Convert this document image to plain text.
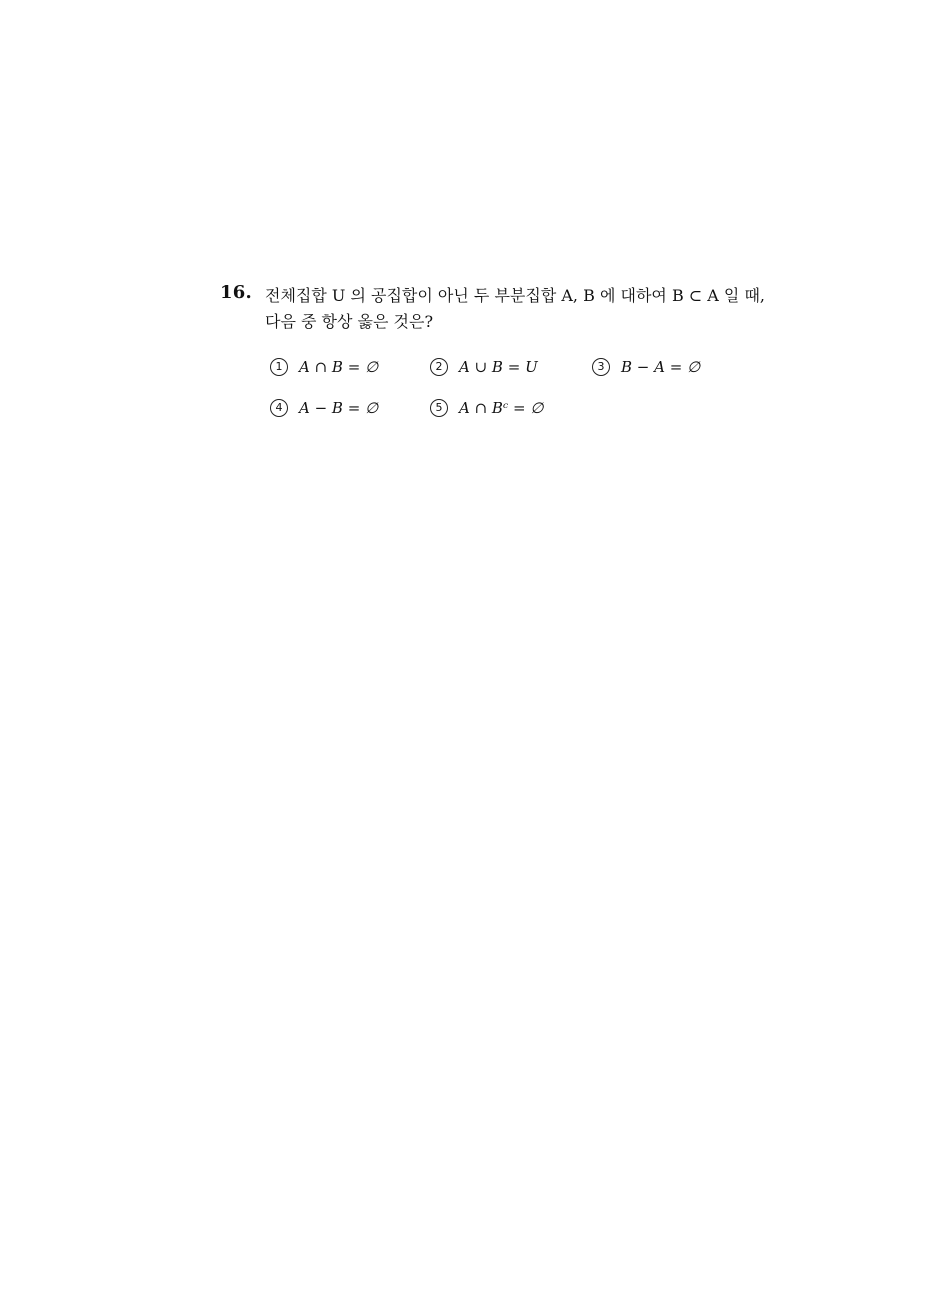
16. 전체집합 U 의 공집합이 아닌 두 부분집합 A, B 에 대하여 B ⊂ A 일 때,
다음 중 항상 옳은 것은?
1	A ∩ B = ∅	2	A ∪ B = U	3	B − A = ∅
4	A − B = ∅	5	A ∩ Bᶜ = ∅
